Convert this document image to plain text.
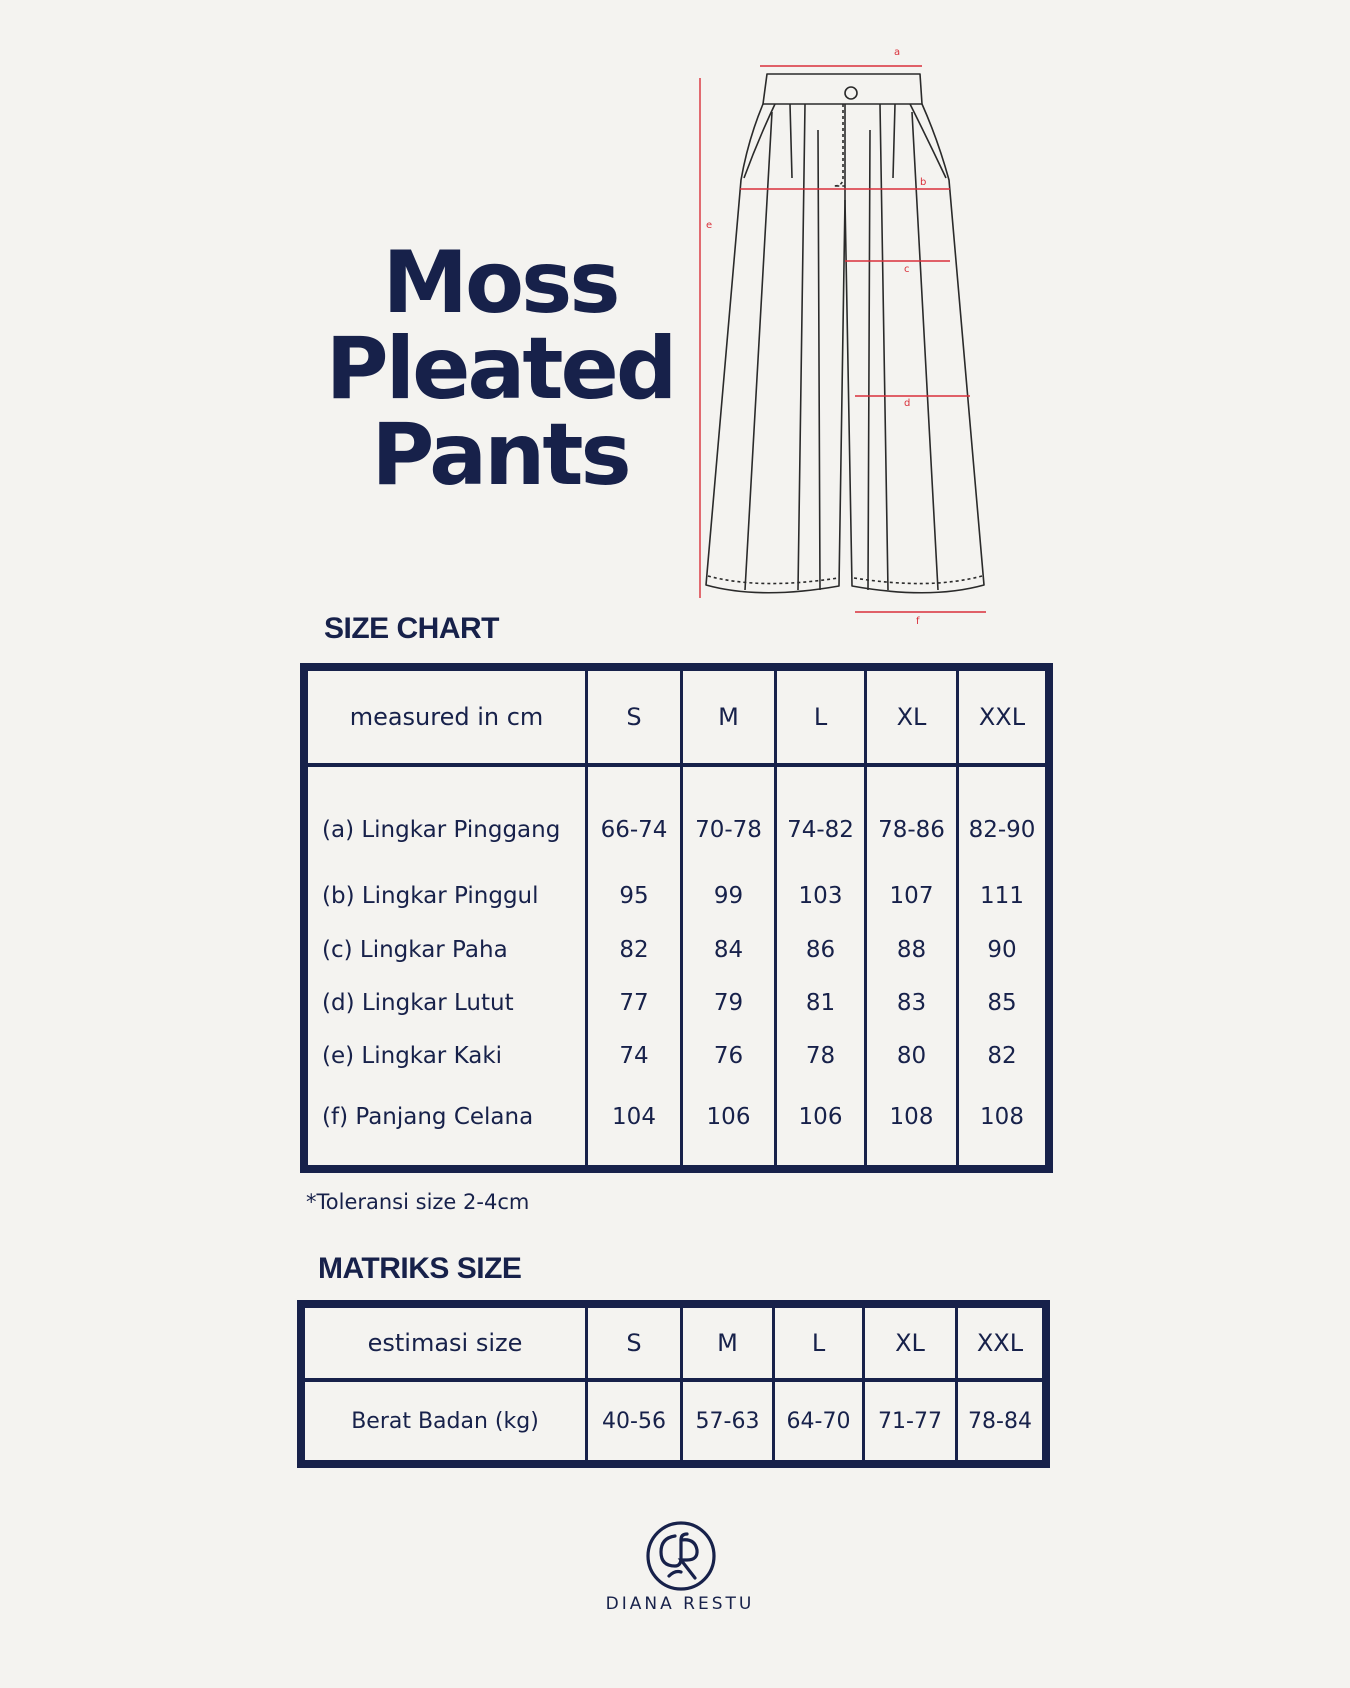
Moss
Pleated
Pants
a
b
c
d
e
f
SIZE CHART
measured in cm	S	M	L	XL	XXL
(a) Lingkar Pinggang	66-74	70-78	74-82	78-86	82-90
(b) Lingkar Pinggul	95	99	103	107	111
(c) Lingkar Paha	82	84	86	88	90
(d) Lingkar Lutut	77	79	81	83	85
(e) Lingkar Kaki	74	76	78	80	82
(f) Panjang Celana	104	106	106	108	108
*Toleransi size 2-4cm
MATRIKS SIZE
estimasi size	S	M	L	XL	XXL
Berat Badan (kg)	40-56	57-63	64-70	71-77	78-84
DIANA RESTU
